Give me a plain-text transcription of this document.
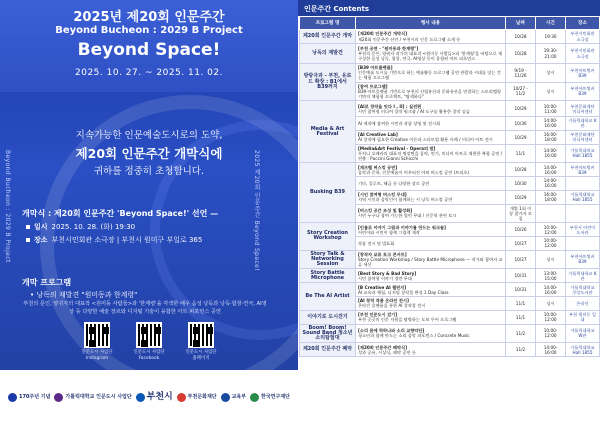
2025년 제20회 인문주간
Beyond Bucheon : 2029 B Project
Beyond Space!
2025. 10. 27. ~ 2025. 11. 02.
Beyond Bucheon : 2029 B Project	2025 제20회 인문주간 Beyond Space!
지속가능한 인문예술도시로의 도약,
제20회 인문주간 개막식에
귀하를 정중히 초청합니다.
개막식 : 제20회 인문주간 'Beyond Space!' 선언 —
일시 2025. 10. 28. (화) 19:30
장소 부천시민회관 소극장 | 부천시 원미구 부일로 365
개막 프로그램
• 낭독의 재발견 "원미동과 한계령"
부천의 문인, 양귀자의 대표작 <원미동 사람들>과 '한계령'을 각색한 배우 음성 낭독과 낭독·합창·연극, AI영상 등 다양한 예술 장르와 디지털 기술이 융합한 아트 퍼포먼스 공연
인문도시 사업단 Instagram
인문도시 사업단 Facebook
인문도시 사업단 홈페이지
170주년 기념	가톨릭대학교 인문도시 사업단 부천시	부천문화재단	교육부	한국연구재단
인문주간 Contents
프로그램 명	행사 내용	날짜	시간	장소
제20회 인문주간 개막	[제20회 인문주간 개막식]
제20회 인문주간 선언 / 부천시의 인문 프로그램 소개 등	10/28	19:30	부천시민회관 소극장
낭독의 재발견	[부천 공연 - "원미동과 한계령"]
부천의 문인, 양귀자 작가의 대표작 <원미동 사람들>과 '한계령'을 바탕으로 재구성한 음성 낭독, 합창, 연극, AI영상 등이 융합된 아트 퍼포먼스	10/28	19:30-21:00	부천시민회관 소극장
방랑극과 - 부천, 유로드 확장 : B1에서 B39까지	[B39 아트플랫폼]
인문예술 도시를 기반으로 하는 예술활동 프로그램 공연 관람과 시대를 잇는 걷는 체험 프로그램	9/19 - 11/26	상시	부천아트벙커 B39

	[참여 프로그램]
B39 아트플랫폼 기반으로 부천의 산업유산과 문화유산을 연결하는 스토리텔링 기반의 체험형 프로젝트, "탐색하다"	10/27 - 11/2	상시	부천아트벙커 B39
Media & Art Festival	[AI로 창작을 잇다 I , II] : 실전편
시민 참여형 미디어 창작 워크숍 / AI 도구를 활용한 창작 실습	10/29	10:00-11:00	부천문화재단 미디어센터

AI 제작에 참여한 시민과 작품 상영 및 전시회	10/30	14:00-16:00	가톨릭대학교 K관

	[AI Creative Lab]
AI 창작에 필요한 Creative 이론과 스타트업 활용 사례 / 미디어 아트 전시	10/29	16:00-18:00	부천문화재단 미디어센터

	[Media&Art Festival - Opera의 밤]
푸치니 오페라의 대표적 명장면을 음악, 연기, 미디어 아트로 재현한 복합 공연 / 연출 : Puccini Gianni Schicchi	11/1	14:00-16:00	가톨릭대학교 Hall 1855
Busking B39	[재즈벨 버스킹 공연]
음악과 문학, 인문예술이 어우러진 야외 버스킹 공연 (트리오)	10/28	14:00-16:00	부천아트벙커 B39

기타, 플루트, 해금 등 다양한 장르 공연	10/30	14:00-16:00	

	[시인 참여형 버스킹 무대]
지역 시인과 음악인이 함께하는 시 낭독 버스킹 공연	10/29	16:00-18:00	가톨릭대학교 Hall 1855

	[버스킹 공간 조성 및 활성화]
시민 누구나 참여 가능한 열린 무대 / 인문학 관련 토크	개별 1회 이상 참가자 모집		
Story Creation Workshop	[인물로 이야기 그림과 이야기를 만드는 워크숍]
어린이와 시민이 함께 그림책 제작	10/20	10:00-12:00	부천시 어린이도서관

작품 전시 및 발표회	10/27	10:00-12:00	
Story Talk & Networking Session	[창작자 교류 토크 콘서트]
Story Creation Workshop / Story Battle Microphone — 작가와 참여자 교류 세션	10/27	상시	부천아트벙커 B39
Story Battle Microphone	[Best Story & Bad Story]
시민 참여형 이야기 경연 무대	10/31	13:00-15:00	가톨릭대학교 K관
Be The AI Artist	[B Creative AI 챌린지]
AI 교육과 체험, 디지털 창작물 완성 1 Day Class	10/31	14:00-16:00	가톨릭대학교 중앙도서관

	[AI 창작 작품 온라인 전시]
온라인 플랫폼을 통한 AI 창작물 전시	11/1	상시	온라인
이야기로 도시걷기	[부천 인문도시 걷기]
부천 곳곳의 인문 자원을 탐방하는 도보 투어 프로그램	11/1	10:00-12:00	부천 원미동 일대
Boom! Boom! Sound Band 청소년 소리탐험대	[소리 몸에 하하나와 소리 교향악단]
청소년과 함께 만드는 소리 음악 퍼포먼스 / Concrete Music	11/2	10:00-12:00	가톨릭대학교 W관
제20회 인문주간 폐막	[제20회 인문주간 폐막식]
성과 공유, 시상식, 폐막 공연 등	11/2	14:00-16:00	가톨릭대학교 Hall 1855
